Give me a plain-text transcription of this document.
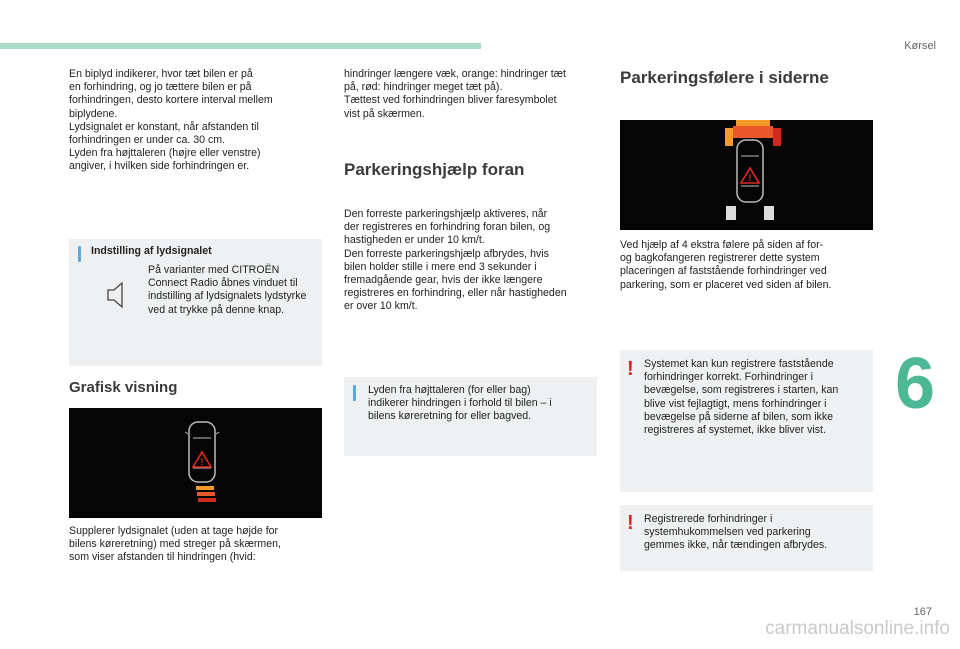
Kørsel

En biplyd indikerer, hvor tæt bilen er på
en forhindring, og jo tættere bilen er på
forhindringen, desto kortere interval mellem
biplydene.
Lydsignalet er konstant, når afstanden til
forhindringen er under ca. 30 cm.
Lyden fra højttaleren (højre eller venstre)
angiver, i hvilken side forhindringen er.

Indstilling af lydsignalet
På varianter med CITROËN
Connect Radio åbnes vinduet til
indstilling af lydsignalets lydstyrke
ved at trykke på denne knap.
Grafisk visning
!

Supplerer lydsignalet (uden at tage højde for
bilens køreretning) med streger på skærmen,
som viser afstanden til hindringen (hvid:

hindringer længere væk, orange: hindringer tæt
på, rød: hindringer meget tæt på).
Tættest ved forhindringen bliver faresymbolet
vist på skærmen.

Parkeringshjælp foran

Den forreste parkeringshjælp aktiveres, når
der registreres en forhindring foran bilen, og
hastigheden er under 10 km/t.
Den forreste parkeringshjælp afbrydes, hvis
bilen holder stille i mere end 3 sekunder i
fremadgående gear, hvis der ikke længere
registreres en forhindring, eller når hastigheden
er over 10 km/t.

Lyden fra højttaleren (for eller bag)
indikerer hindringen i forhold til bilen – i
bilens køreretning for eller bagved.
Parkeringsfølere i siderne
!

Ved hjælp af 4 ekstra følere på siden af for-
og bagkofangeren registrerer dette system
placeringen af faststående forhindringer ved
parkering, som er placeret ved siden af bilen.

! Systemet kan kun registrere faststående
forhindringer korrekt. Forhindringer i
bevægelse, som registreres i starten, kan
blive vist fejlagtigt, mens forhindringer i
bevægelse på siderne af bilen, som ikke
registreres af systemet, ikke bliver vist.
! Registrerede forhindringer i
systemhukommelsen ved parkering
gemmes ikke, når tændingen afbrydes.
6
167
carmanualsonline.info
